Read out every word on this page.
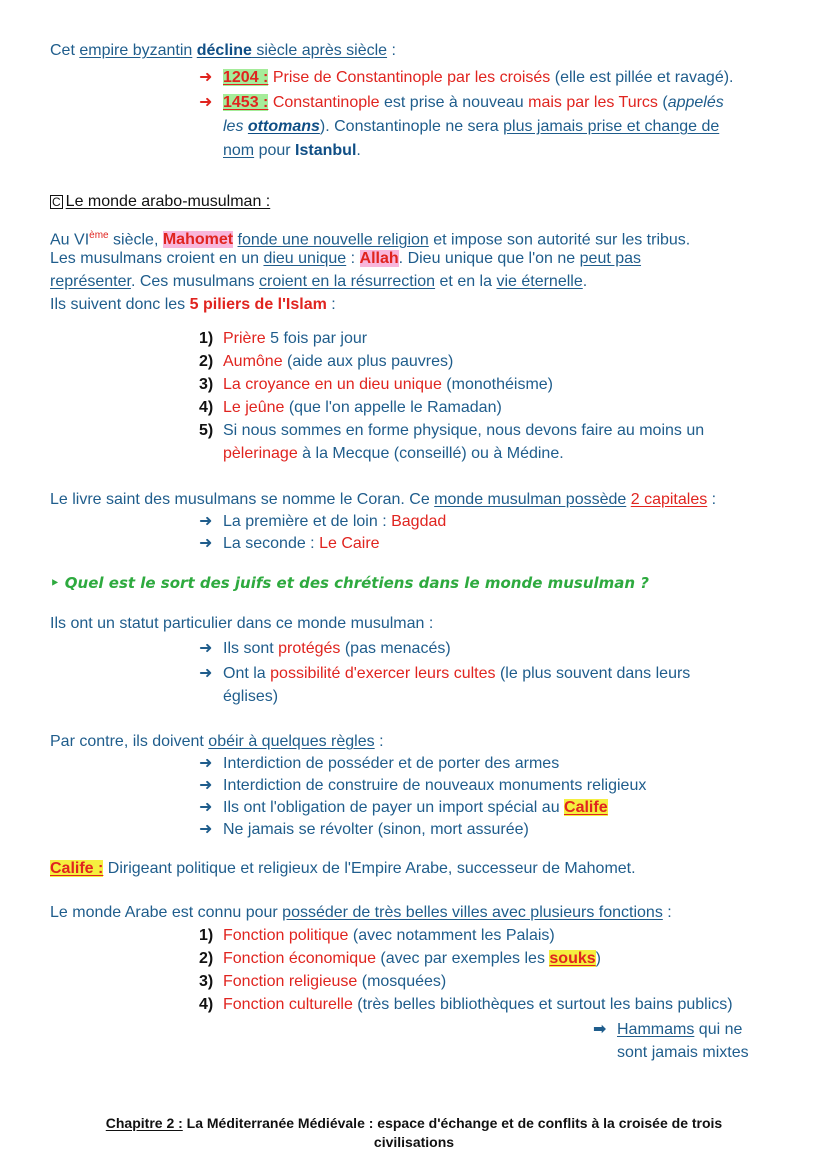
Cet empire byzantin décline siècle après siècle :
➜ 1204 : Prise de Constantinople par les croisés (elle est pillée et ravagé).
➜ 1453 : Constantinople est prise à nouveau mais par les Turcs (appelés
les ottomans). Constantinople ne sera plus jamais prise et change de
nom pour Istanbul.
C Le monde arabo-musulman :
Au VIème siècle, Mahomet fonde une nouvelle religion et impose son autorité sur les tribus.
Les musulmans croient en un dieu unique : Allah. Dieu unique que l'on ne peut pas
représenter. Ces musulmans croient en la résurrection et en la vie éternelle.
Ils suivent donc les 5 piliers de l'Islam :
1) Prière 5 fois par jour
2) Aumône (aide aux plus pauvres)
3) La croyance en un dieu unique (monothéisme)
4) Le jeûne (que l'on appelle le Ramadan)
5) Si nous sommes en forme physique, nous devons faire au moins un
pèlerinage à la Mecque (conseillé) ou à Médine.
Le livre saint des musulmans se nomme le Coran. Ce monde musulman possède 2 capitales :
➜ La première et de loin : Bagdad
➜ La seconde : Le Caire
‣ Quel est le sort des juifs et des chrétiens dans le monde musulman ?
Ils ont un statut particulier dans ce monde musulman :
➜ Ils sont protégés (pas menacés)
➜ Ont la possibilité d'exercer leurs cultes (le plus souvent dans leurs
églises)
Par contre, ils doivent obéir à quelques règles :
➜ Interdiction de posséder et de porter des armes
➜ Interdiction de construire de nouveaux monuments religieux
➜ Ils ont l'obligation de payer un import spécial au Calife
➜ Ne jamais se révolter (sinon, mort assurée)
Calife : Dirigeant politique et religieux de l'Empire Arabe, successeur de Mahomet.
Le monde Arabe est connu pour posséder de très belles villes avec plusieurs fonctions :
1) Fonction politique (avec notamment les Palais)
2) Fonction économique (avec par exemples les souks)
3) Fonction religieuse (mosquées)
4) Fonction culturelle (très belles bibliothèques et surtout les bains publics)
➡ Hammams qui ne
sont jamais mixtes
Chapitre 2 : La Méditerranée Médiévale : espace d'échange et de conflits à la croisée de trois
civilisations
